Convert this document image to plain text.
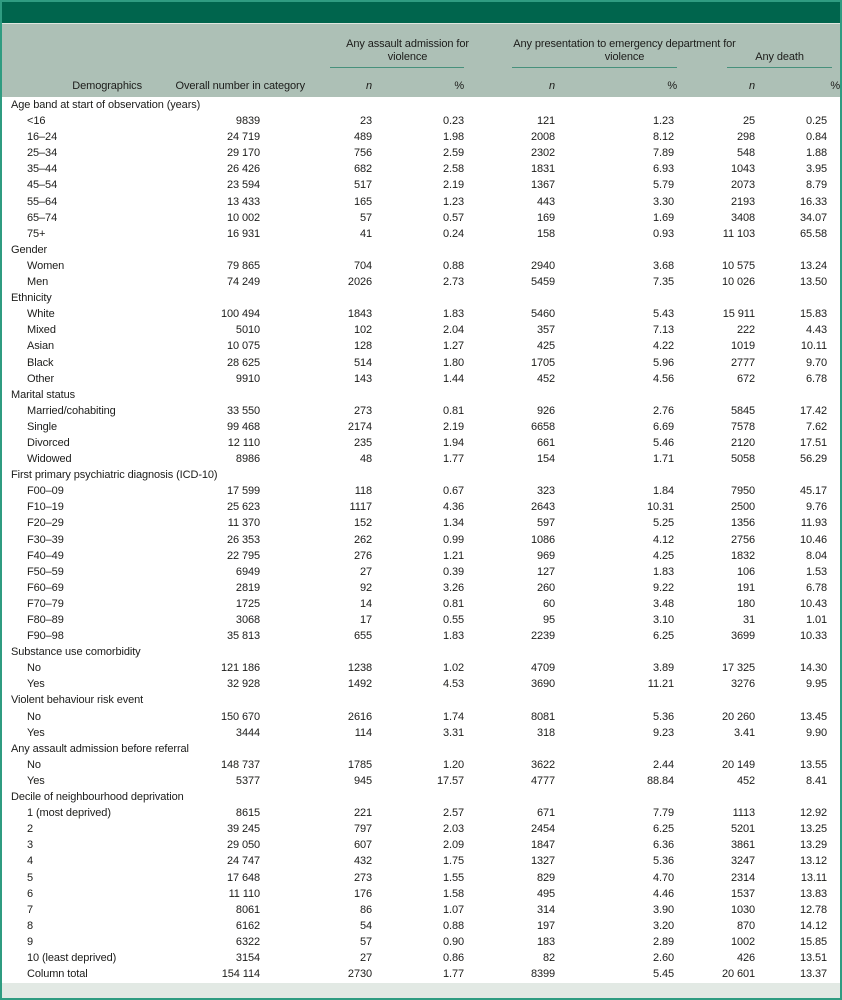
		Any assault admission for violence		Any presentation to emergency department for violence		Any death	

Demographics	Overall number in category	n	%	n	%	n	%
Age band at start of observation (years)							
<16	9839	23	0.23	121	1.23	25	0.25
16–24	24 719	489	1.98	2008	8.12	298	0.84
25–34	29 170	756	2.59	2302	7.89	548	1.88
35–44	26 426	682	2.58	1831	6.93	1043	3.95
45–54	23 594	517	2.19	1367	5.79	2073	8.79
55–64	13 433	165	1.23	443	3.30	2193	16.33
65–74	10 002	57	0.57	169	1.69	3408	34.07
75+	16 931	41	0.24	158	0.93	11 103	65.58
Gender							
Women	79 865	704	0.88	2940	3.68	10 575	13.24
Men	74 249	2026	2.73	5459	7.35	10 026	13.50
Ethnicity							
White	100 494	1843	1.83	5460	5.43	15 911	15.83
Mixed	5010	102	2.04	357	7.13	222	4.43
Asian	10 075	128	1.27	425	4.22	1019	10.11
Black	28 625	514	1.80	1705	5.96	2777	9.70
Other	9910	143	1.44	452	4.56	672	6.78
Marital status							
Married/cohabiting	33 550	273	0.81	926	2.76	5845	17.42
Single	99 468	2174	2.19	6658	6.69	7578	7.62
Divorced	12 110	235	1.94	661	5.46	2120	17.51
Widowed	8986	48	1.77	154	1.71	5058	56.29
First primary psychiatric diagnosis (ICD-10)							
F00–09	17 599	118	0.67	323	1.84	7950	45.17
F10–19	25 623	1117	4.36	2643	10.31	2500	9.76
F20–29	11 370	152	1.34	597	5.25	1356	11.93
F30–39	26 353	262	0.99	1086	4.12	2756	10.46
F40–49	22 795	276	1.21	969	4.25	1832	8.04
F50–59	6949	27	0.39	127	1.83	106	1.53
F60–69	2819	92	3.26	260	9.22	191	6.78
F70–79	1725	14	0.81	60	3.48	180	10.43
F80–89	3068	17	0.55	95	3.10	31	1.01
F90–98	35 813	655	1.83	2239	6.25	3699	10.33
Substance use comorbidity							
No	121 186	1238	1.02	4709	3.89	17 325	14.30
Yes	32 928	1492	4.53	3690	11.21	3276	9.95
Violent behaviour risk event							
No	150 670	2616	1.74	8081	5.36	20 260	13.45
Yes	3444	114	3.31	318	9.23	3.41	9.90
Any assault admission before referral							
No	148 737	1785	1.20	3622	2.44	20 149	13.55
Yes	5377	945	17.57	4777	88.84	452	8.41
Decile of neighbourhood deprivation							
1 (most deprived)	8615	221	2.57	671	7.79	1113	12.92
2	39 245	797	2.03	2454	6.25	5201	13.25
3	29 050	607	2.09	1847	6.36	3861	13.29
4	24 747	432	1.75	1327	5.36	3247	13.12
5	17 648	273	1.55	829	4.70	2314	13.11
6	11 110	176	1.58	495	4.46	1537	13.83
7	8061	86	1.07	314	3.90	1030	12.78
8	6162	54	0.88	197	3.20	870	14.12
9	6322	57	0.90	183	2.89	1002	15.85
10 (least deprived)	3154	27	0.86	82	2.60	426	13.51
Column total	154 114	2730	1.77	8399	5.45	20 601	13.37
